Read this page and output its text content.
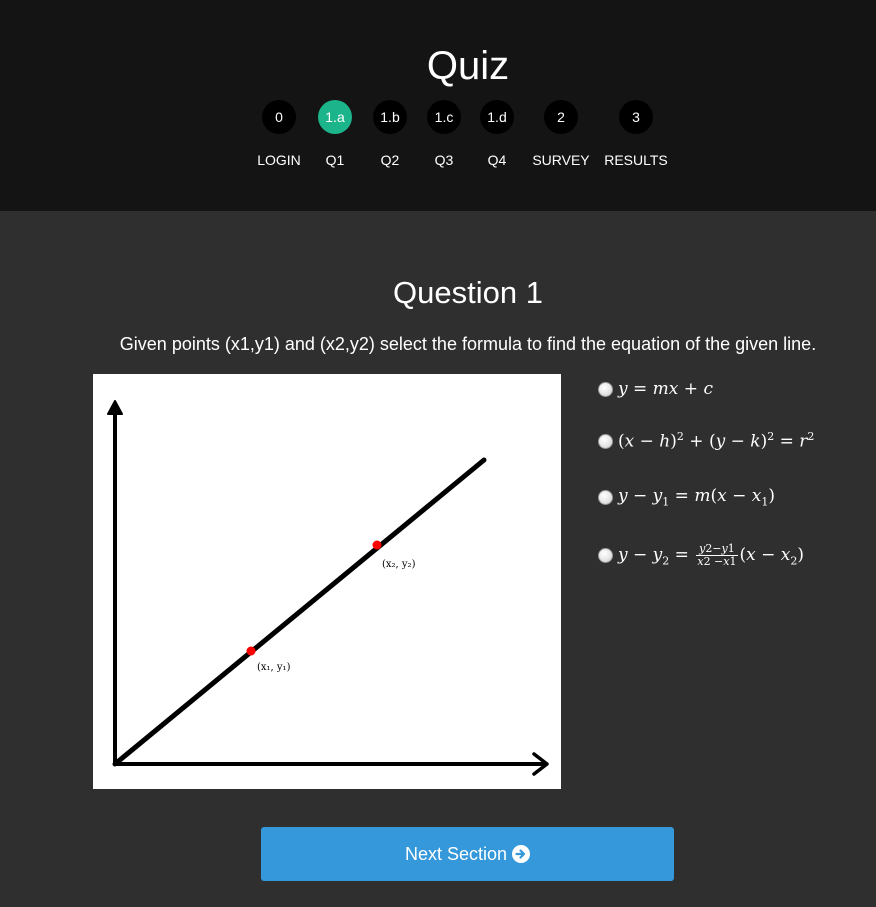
Quiz
0	1.a	1.b	1.c	1.d	2	3
LOGIN	Q1	Q2	Q3	Q4	SURVEY	RESULTS
Question 1
Given points (x1,y1) and (x2,y2) select the formula to find the equation of the given line.
(x₁, y₁)
(x₂, y₂)
y = mx + c
$(x - h)^2 + (y - k)^2 = r^2$
$y - y_1 = m(x - x_1)$
$y - y_2 = \frac{y2-y1}{x2 -x1} (x - x_2)$
Next Section
